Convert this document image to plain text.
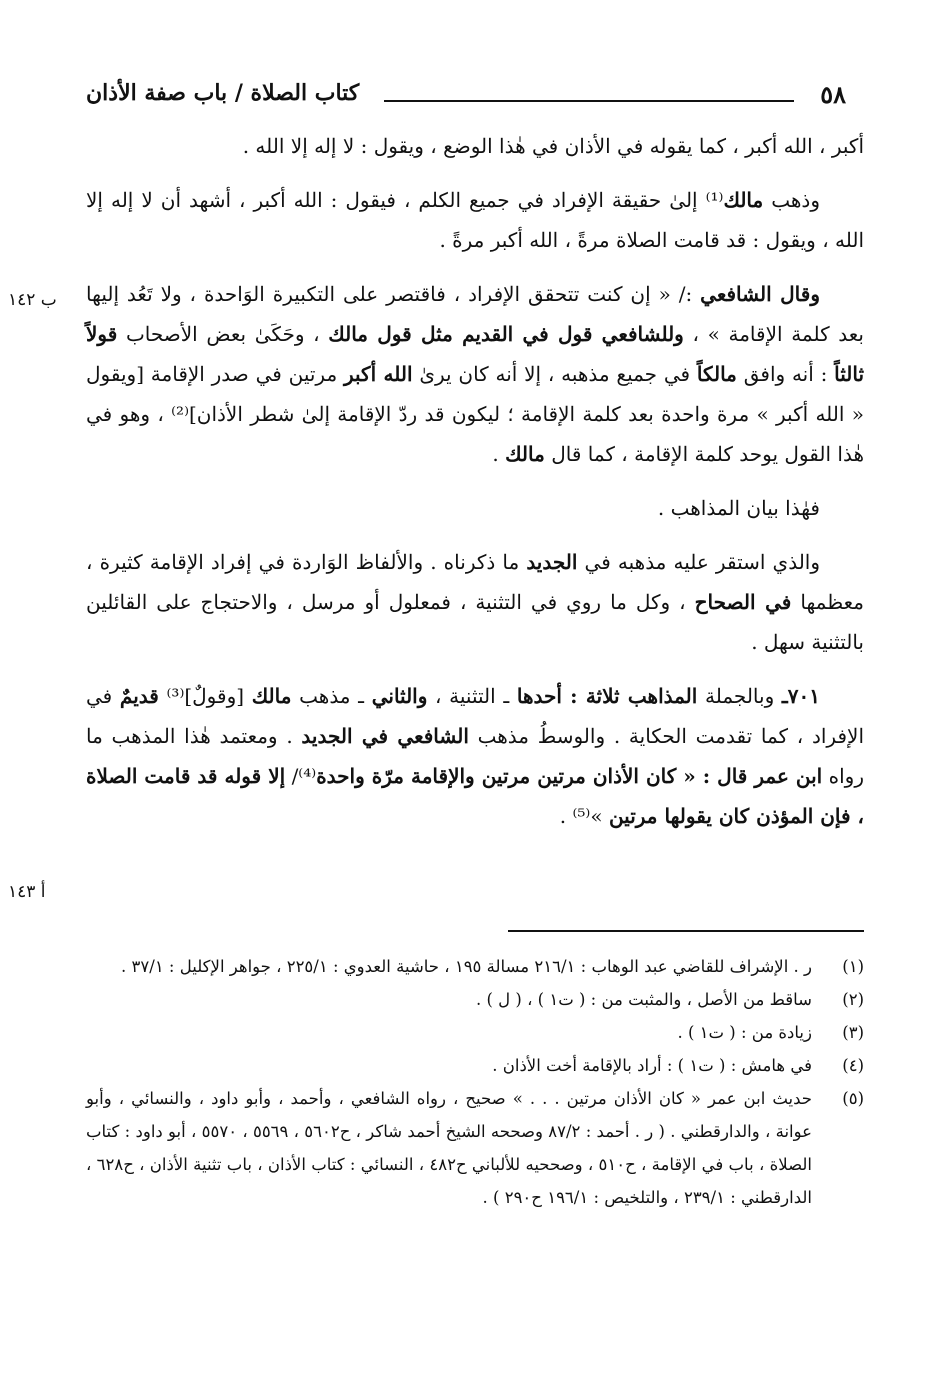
٥٨
كتاب الصلاة / باب صفة الأذان
ب ١٤٢
أ ١٤٣

أكبر ، الله أكبر ، كما يقوله في الأذان في هٰذا الوضع ، ويقول : لا إله إلا الله .

وذهب مالك⁽¹⁾ إلىٰ حقيقة الإفراد في جميع الكلم ، فيقول : الله أكبر ، أشهد أن لا إله إلا الله ، ويقول : قد قامت الصلاة مرةً ، الله أكبر مرةً .

وقال الشافعي :/ « إن كنت تتحقق الإفراد ، فاقتصر على التكبيرة الوَاحدة ، ولا تَعُد إليها بعد كلمة الإقامة » ، وللشافعي قول في القديم مثل قول مالك ، وحَكَىٰ بعض الأصحاب قولاً ثالثاً : أنه وافق مالكاً في جميع مذهبه ، إلا أنه كان يرىٰ الله أكبر مرتين في صدر الإقامة [ويقول « الله أكبر » مرة واحدة بعد كلمة الإقامة ؛ ليكون قد ردّ الإقامة إلىٰ شطر الأذان]⁽²⁾ ، وهو في هٰذا القول يوحد كلمة الإقامة ، كما قال مالك .

فهٰذا بيان المذاهب .

والذي استقر عليه مذهبه في الجديد ما ذكرناه . والألفاظ الوَاردة في إفراد الإقامة كثيرة ، معظمها في الصحاح ، وكل ما روي في التثنية ، فمعلول أو مرسل ، والاحتجاج على القائلين بالتثنية سهل .

٧٠١ـ وبالجملة المذاهب ثلاثة : أحدها ـ التثنية ، والثاني ـ مذهب مالك [وقولٌ]⁽³⁾ قديمٌ في الإفراد ، كما تقدمت الحكاية . والوسطُ مذهب الشافعي في الجديد . ومعتمد هٰذا المذهب ما رواه ابن عمر قال : « كان الأذان مرتين مرتين والإقامة مرّة واحدة⁽⁴⁾/ إلا قوله قد قامت الصلاة ، فإن المؤذن كان يقولها مرتين »⁽⁵⁾ .

(١)
ر . الإشراف للقاضي عبد الوهاب : ٢١٦/١ مسالة ١٩٥ ، حاشية العدوي : ٢٢٥/١ ، جواهر الإكليل : ٣٧/١ .
(٢)
ساقط من الأصل ، والمثبت من : ( ت١ ) ، ( ل ) .
(٣)
زيادة من : ( ت١ ) .
(٤)
في هامش : ( ت١ ) : أراد بالإقامة أخت الأذان .
(٥)
حديث ابن عمر « كان الأذان مرتين . . . » صحيح ، رواه الشافعي ، وأحمد ، وأبو داود ، والنسائي ، وأبو عوانة ، والدارقطني . ( ر . أحمد : ٨٧/٢ وصححه الشيخ أحمد شاكر ، ح٥٦٠٢ ، ٥٥٦٩ ، ٥٥٧٠ ، أبو داود : كتاب الصلاة ، باب في الإقامة ، ح٥١٠ ، وصححيه للألباني ح٤٨٢ ، النسائي : كتاب الأذان ، باب تثنية الأذان ، ح٦٢٨ ، الدارقطني : ٢٣٩/١ ، والتلخيص : ١٩٦/١ ح٢٩٠ ) .
